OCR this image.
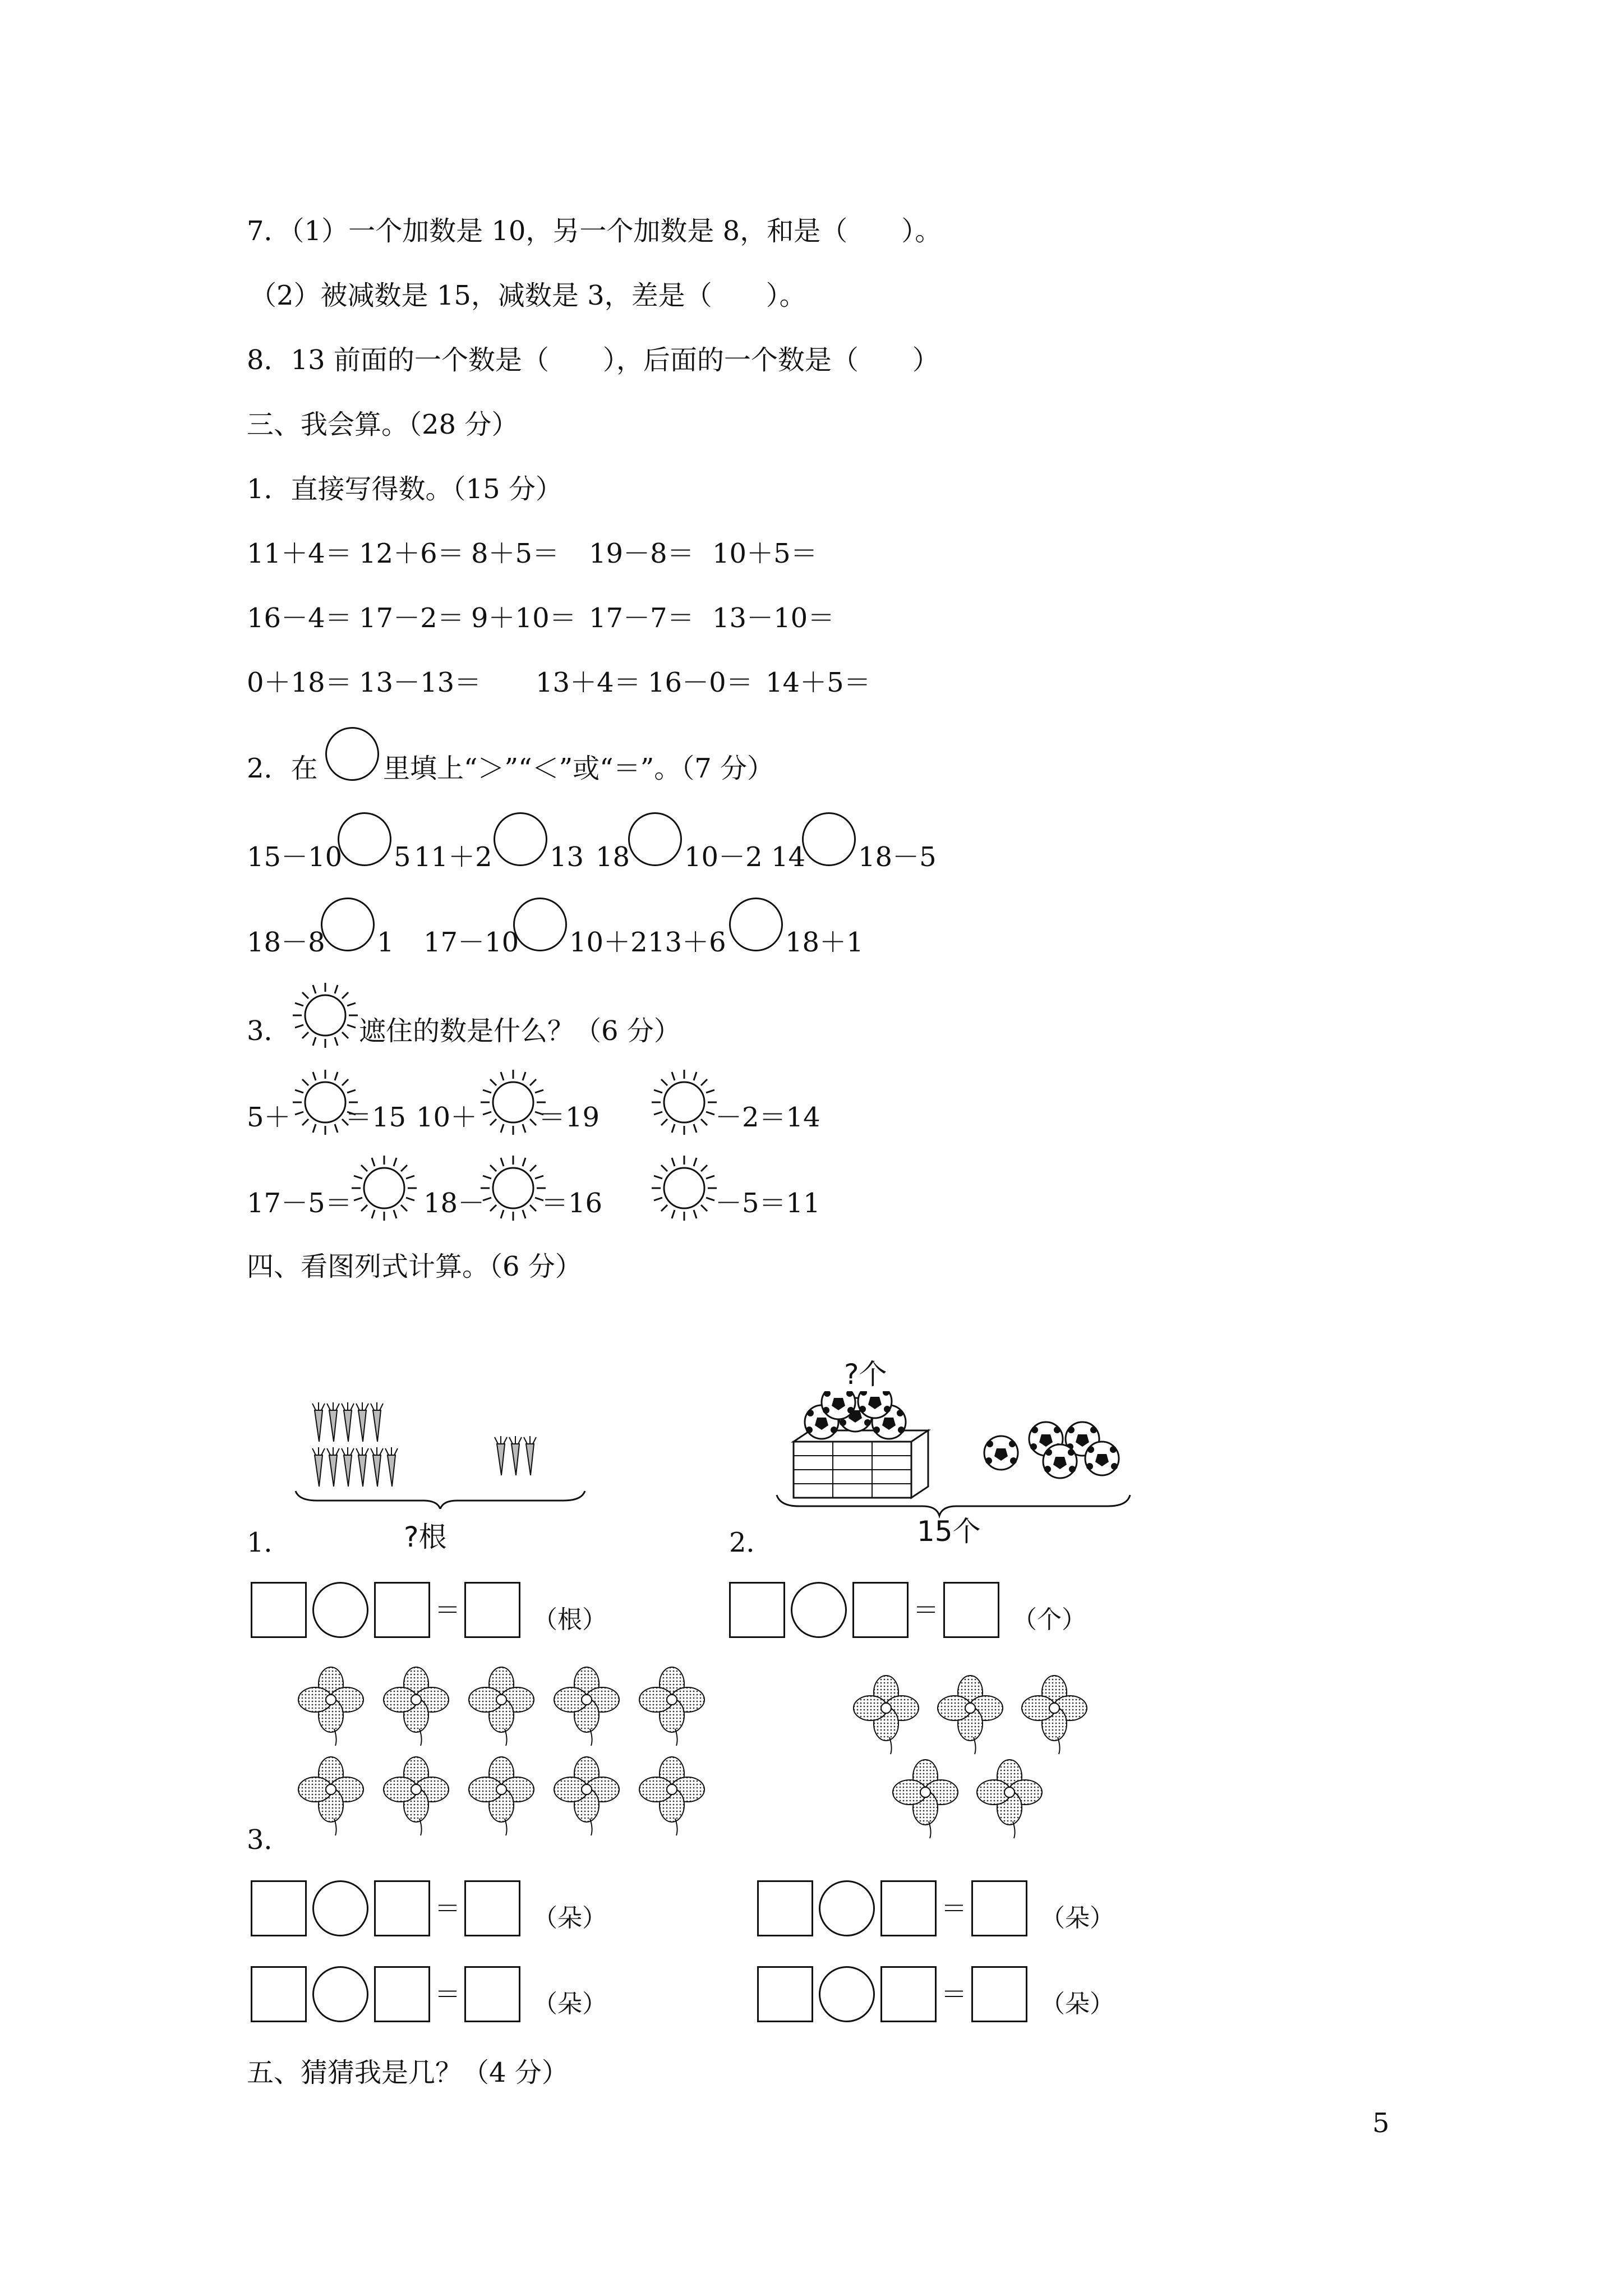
7．（1）一个加数是 10，另一个加数是 8，和是（　　）。
（2）被减数是 15，减数是 3，差是（　　）。
8．13 前面的一个数是（　　），后面的一个数是（　　）
三、我会算。（28 分）
1．直接写得数。（15 分）
11＋4＝ 12＋6＝ 8＋5＝ 19－8＝ 10＋5＝
16－4＝ 17－2＝ 9＋10＝ 17－7＝ 13－10＝
0＋18＝ 13－13＝ 13＋4＝ 16－0＝ 14＋5＝
2．在 里填上“＞”“＜”或“＝”。（7 分）
15－10 5 11＋2 13 18 10－2 14 18－5
18－8 1 17－10 10＋2 13＋6 18＋1
3．	遮住的数是什么？（6 分）
5＋ ＝15 10＋ ＝19	－2＝14
17－5＝	18－ ＝16	－5＝11
四、看图列式计算。（6 分）
1．	?根
?个
2．	15个
＝	（根）	＝	（个）
3．
＝	（朵）	＝	（朵）
＝	（朵）	＝	（朵）
五、猜猜我是几？（4 分）
5
